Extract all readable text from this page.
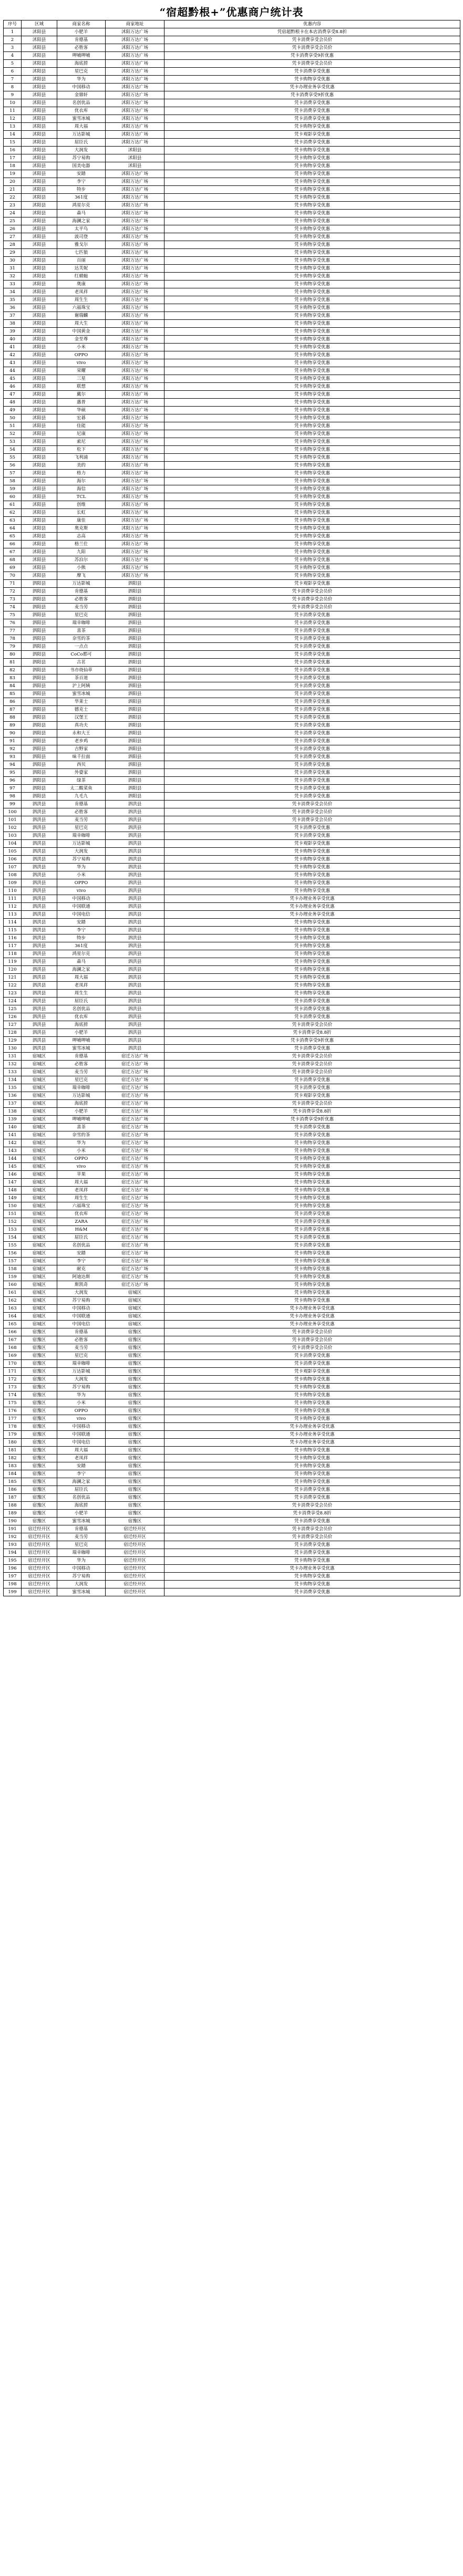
“宿超黔根+”优惠商户统计表
序号	区域	商家名称	商家地址	优惠内容
1	沭阳县	小肥羊	沭阳万达广场	凭宿超黔根卡在本店消费享受8.8折
2	沭阳县	肯德基	沭阳万达广场	凭卡消费享受会员价
3	沭阳县	必胜客	沭阳万达广场	凭卡消费享受会员价
4	沭阳县	呷哺呷哺	沭阳万达广场	凭卡消费享受9折优惠
5	沭阳县	海底捞	沭阳万达广场	凭卡消费享受会员价
6	沭阳县	星巴克	沭阳万达广场	凭卡消费享受优惠
7	沭阳县	华为	沭阳万达广场	凭卡购物享受优惠
8	沭阳县	中国移动	沭阳万达广场	凭卡办理业务享受优惠
9	沭阳县	金鼎轩	沭阳万达广场	凭卡消费享受9折优惠
10	沭阳县	名创优品	沭阳万达广场	凭卡消费享受优惠
11	沭阳县	优衣库	沭阳万达广场	凭卡消费享受优惠
12	沭阳县	蜜雪冰城	沭阳万达广场	凭卡消费享受优惠
13	沭阳县	周大福	沭阳万达广场	凭卡购物享受优惠
14	沭阳县	万达影城	沭阳万达广场	凭卡观影享受优惠
15	沭阳县	屈臣氏	沭阳万达广场	凭卡消费享受优惠
16	沭阳县	大润发	沭阳县	凭卡购物享受优惠
17	沭阳县	苏宁易购	沭阳县	凭卡购物享受优惠
18	沭阳县	国美电器	沭阳县	凭卡购物享受优惠
19	沭阳县	安踏	沭阳万达广场	凭卡购物享受优惠
20	沭阳县	李宁	沭阳万达广场	凭卡购物享受优惠
21	沭阳县	特步	沭阳万达广场	凭卡购物享受优惠
22	沭阳县	361度	沭阳万达广场	凭卡购物享受优惠
23	沭阳县	鸿星尔克	沭阳万达广场	凭卡购物享受优惠
24	沭阳县	森马	沭阳万达广场	凭卡购物享受优惠
25	沭阳县	海澜之家	沭阳万达广场	凭卡购物享受优惠
26	沭阳县	太平鸟	沭阳万达广场	凭卡购物享受优惠
27	沭阳县	波司登	沭阳万达广场	凭卡购物享受优惠
28	沭阳县	雅戈尔	沭阳万达广场	凭卡购物享受优惠
29	沭阳县	七匹狼	沭阳万达广场	凭卡购物享受优惠
30	沭阳县	百丽	沭阳万达广场	凭卡购物享受优惠
31	沭阳县	达芙妮	沭阳万达广场	凭卡购物享受优惠
32	沭阳县	红蜻蜓	沭阳万达广场	凭卡购物享受优惠
33	沭阳县	奥康	沭阳万达广场	凭卡购物享受优惠
34	沭阳县	老凤祥	沭阳万达广场	凭卡购物享受优惠
35	沭阳县	周生生	沭阳万达广场	凭卡购物享受优惠
36	沭阳县	六福珠宝	沭阳万达广场	凭卡购物享受优惠
37	沭阳县	谢瑞麟	沭阳万达广场	凭卡购物享受优惠
38	沭阳县	周大生	沭阳万达广场	凭卡购物享受优惠
39	沭阳县	中国黄金	沭阳万达广场	凭卡购物享受优惠
40	沭阳县	金至尊	沭阳万达广场	凭卡购物享受优惠
41	沭阳县	小米	沭阳万达广场	凭卡购物享受优惠
42	沭阳县	OPPO	沭阳万达广场	凭卡购物享受优惠
43	沭阳县	vivo	沭阳万达广场	凭卡购物享受优惠
44	沭阳县	荣耀	沭阳万达广场	凭卡购物享受优惠
45	沭阳县	三星	沭阳万达广场	凭卡购物享受优惠
46	沭阳县	联想	沭阳万达广场	凭卡购物享受优惠
47	沭阳县	戴尔	沭阳万达广场	凭卡购物享受优惠
48	沭阳县	惠普	沭阳万达广场	凭卡购物享受优惠
49	沭阳县	华硕	沭阳万达广场	凭卡购物享受优惠
50	沭阳县	宏碁	沭阳万达广场	凭卡购物享受优惠
51	沭阳县	佳能	沭阳万达广场	凭卡购物享受优惠
52	沭阳县	尼康	沭阳万达广场	凭卡购物享受优惠
53	沭阳县	索尼	沭阳万达广场	凭卡购物享受优惠
54	沭阳县	松下	沭阳万达广场	凭卡购物享受优惠
55	沭阳县	飞利浦	沭阳万达广场	凭卡购物享受优惠
56	沭阳县	美的	沭阳万达广场	凭卡购物享受优惠
57	沭阳县	格力	沭阳万达广场	凭卡购物享受优惠
58	沭阳县	海尔	沭阳万达广场	凭卡购物享受优惠
59	沭阳县	海信	沭阳万达广场	凭卡购物享受优惠
60	沭阳县	TCL	沭阳万达广场	凭卡购物享受优惠
61	沭阳县	创维	沭阳万达广场	凭卡购物享受优惠
62	沭阳县	长虹	沭阳万达广场	凭卡购物享受优惠
63	沭阳县	康佳	沭阳万达广场	凭卡购物享受优惠
64	沭阳县	奥克斯	沭阳万达广场	凭卡购物享受优惠
65	沭阳县	志高	沭阳万达广场	凭卡购物享受优惠
66	沭阳县	格兰仕	沭阳万达广场	凭卡购物享受优惠
67	沭阳县	九阳	沭阳万达广场	凭卡购物享受优惠
68	沭阳县	苏泊尔	沭阳万达广场	凭卡购物享受优惠
69	沭阳县	小熊	沭阳万达广场	凭卡购物享受优惠
70	沭阳县	摩飞	沭阳万达广场	凭卡购物享受优惠
71	泗阳县	万达影城	泗阳县	凭卡观影享受优惠
72	泗阳县	肯德基	泗阳县	凭卡消费享受会员价
73	泗阳县	必胜客	泗阳县	凭卡消费享受会员价
74	泗阳县	麦当劳	泗阳县	凭卡消费享受会员价
75	泗阳县	星巴克	泗阳县	凭卡消费享受优惠
76	泗阳县	瑞幸咖啡	泗阳县	凭卡消费享受优惠
77	泗阳县	喜茶	泗阳县	凭卡消费享受优惠
78	泗阳县	奈雪的茶	泗阳县	凭卡消费享受优惠
79	泗阳县	一点点	泗阳县	凭卡消费享受优惠
80	泗阳县	CoCo都可	泗阳县	凭卡消费享受优惠
81	泗阳县	古茗	泗阳县	凭卡消费享受优惠
82	泗阳县	书亦烧仙草	泗阳县	凭卡消费享受优惠
83	泗阳县	茶百道	泗阳县	凭卡消费享受优惠
84	泗阳县	沪上阿姨	泗阳县	凭卡消费享受优惠
85	泗阳县	蜜雪冰城	泗阳县	凭卡消费享受优惠
86	泗阳县	华莱士	泗阳县	凭卡消费享受优惠
87	泗阳县	德克士	泗阳县	凭卡消费享受优惠
88	泗阳县	汉堡王	泗阳县	凭卡消费享受优惠
89	泗阳县	真功夫	泗阳县	凭卡消费享受优惠
90	泗阳县	永和大王	泗阳县	凭卡消费享受优惠
91	泗阳县	老乡鸡	泗阳县	凭卡消费享受优惠
92	泗阳县	吉野家	泗阳县	凭卡消费享受优惠
93	泗阳县	味千拉面	泗阳县	凭卡消费享受优惠
94	泗阳县	西贝	泗阳县	凭卡消费享受优惠
95	泗阳县	外婆家	泗阳县	凭卡消费享受优惠
96	泗阳县	绿茶	泗阳县	凭卡消费享受优惠
97	泗阳县	太二酸菜鱼	泗阳县	凭卡消费享受优惠
98	泗阳县	九毛九	泗阳县	凭卡消费享受优惠
99	泗洪县	肯德基	泗洪县	凭卡消费享受会员价
100	泗洪县	必胜客	泗洪县	凭卡消费享受会员价
101	泗洪县	麦当劳	泗洪县	凭卡消费享受会员价
102	泗洪县	星巴克	泗洪县	凭卡消费享受优惠
103	泗洪县	瑞幸咖啡	泗洪县	凭卡消费享受优惠
104	泗洪县	万达影城	泗洪县	凭卡观影享受优惠
105	泗洪县	大润发	泗洪县	凭卡购物享受优惠
106	泗洪县	苏宁易购	泗洪县	凭卡购物享受优惠
107	泗洪县	华为	泗洪县	凭卡购物享受优惠
108	泗洪县	小米	泗洪县	凭卡购物享受优惠
109	泗洪县	OPPO	泗洪县	凭卡购物享受优惠
110	泗洪县	vivo	泗洪县	凭卡购物享受优惠
111	泗洪县	中国移动	泗洪县	凭卡办理业务享受优惠
112	泗洪县	中国联通	泗洪县	凭卡办理业务享受优惠
113	泗洪县	中国电信	泗洪县	凭卡办理业务享受优惠
114	泗洪县	安踏	泗洪县	凭卡购物享受优惠
115	泗洪县	李宁	泗洪县	凭卡购物享受优惠
116	泗洪县	特步	泗洪县	凭卡购物享受优惠
117	泗洪县	361度	泗洪县	凭卡购物享受优惠
118	泗洪县	鸿星尔克	泗洪县	凭卡购物享受优惠
119	泗洪县	森马	泗洪县	凭卡购物享受优惠
120	泗洪县	海澜之家	泗洪县	凭卡购物享受优惠
121	泗洪县	周大福	泗洪县	凭卡购物享受优惠
122	泗洪县	老凤祥	泗洪县	凭卡购物享受优惠
123	泗洪县	周生生	泗洪县	凭卡购物享受优惠
124	泗洪县	屈臣氏	泗洪县	凭卡消费享受优惠
125	泗洪县	名创优品	泗洪县	凭卡消费享受优惠
126	泗洪县	优衣库	泗洪县	凭卡消费享受优惠
127	泗洪县	海底捞	泗洪县	凭卡消费享受会员价
128	泗洪县	小肥羊	泗洪县	凭卡消费享受8.8折
129	泗洪县	呷哺呷哺	泗洪县	凭卡消费享受9折优惠
130	泗洪县	蜜雪冰城	泗洪县	凭卡消费享受优惠
131	宿城区	肯德基	宿迁万达广场	凭卡消费享受会员价
132	宿城区	必胜客	宿迁万达广场	凭卡消费享受会员价
133	宿城区	麦当劳	宿迁万达广场	凭卡消费享受会员价
134	宿城区	星巴克	宿迁万达广场	凭卡消费享受优惠
135	宿城区	瑞幸咖啡	宿迁万达广场	凭卡消费享受优惠
136	宿城区	万达影城	宿迁万达广场	凭卡观影享受优惠
137	宿城区	海底捞	宿迁万达广场	凭卡消费享受会员价
138	宿城区	小肥羊	宿迁万达广场	凭卡消费享受8.8折
139	宿城区	呷哺呷哺	宿迁万达广场	凭卡消费享受9折优惠
140	宿城区	喜茶	宿迁万达广场	凭卡消费享受优惠
141	宿城区	奈雪的茶	宿迁万达广场	凭卡消费享受优惠
142	宿城区	华为	宿迁万达广场	凭卡购物享受优惠
143	宿城区	小米	宿迁万达广场	凭卡购物享受优惠
144	宿城区	OPPO	宿迁万达广场	凭卡购物享受优惠
145	宿城区	vivo	宿迁万达广场	凭卡购物享受优惠
146	宿城区	苹果	宿迁万达广场	凭卡购物享受优惠
147	宿城区	周大福	宿迁万达广场	凭卡购物享受优惠
148	宿城区	老凤祥	宿迁万达广场	凭卡购物享受优惠
149	宿城区	周生生	宿迁万达广场	凭卡购物享受优惠
150	宿城区	六福珠宝	宿迁万达广场	凭卡购物享受优惠
151	宿城区	优衣库	宿迁万达广场	凭卡消费享受优惠
152	宿城区	ZARA	宿迁万达广场	凭卡消费享受优惠
153	宿城区	H&M	宿迁万达广场	凭卡消费享受优惠
154	宿城区	屈臣氏	宿迁万达广场	凭卡消费享受优惠
155	宿城区	名创优品	宿迁万达广场	凭卡消费享受优惠
156	宿城区	安踏	宿迁万达广场	凭卡购物享受优惠
157	宿城区	李宁	宿迁万达广场	凭卡购物享受优惠
158	宿城区	耐克	宿迁万达广场	凭卡购物享受优惠
159	宿城区	阿迪达斯	宿迁万达广场	凭卡购物享受优惠
160	宿城区	斯凯奇	宿迁万达广场	凭卡购物享受优惠
161	宿城区	大润发	宿城区	凭卡购物享受优惠
162	宿城区	苏宁易购	宿城区	凭卡购物享受优惠
163	宿城区	中国移动	宿城区	凭卡办理业务享受优惠
164	宿城区	中国联通	宿城区	凭卡办理业务享受优惠
165	宿城区	中国电信	宿城区	凭卡办理业务享受优惠
166	宿豫区	肯德基	宿豫区	凭卡消费享受会员价
167	宿豫区	必胜客	宿豫区	凭卡消费享受会员价
168	宿豫区	麦当劳	宿豫区	凭卡消费享受会员价
169	宿豫区	星巴克	宿豫区	凭卡消费享受优惠
170	宿豫区	瑞幸咖啡	宿豫区	凭卡消费享受优惠
171	宿豫区	万达影城	宿豫区	凭卡观影享受优惠
172	宿豫区	大润发	宿豫区	凭卡购物享受优惠
173	宿豫区	苏宁易购	宿豫区	凭卡购物享受优惠
174	宿豫区	华为	宿豫区	凭卡购物享受优惠
175	宿豫区	小米	宿豫区	凭卡购物享受优惠
176	宿豫区	OPPO	宿豫区	凭卡购物享受优惠
177	宿豫区	vivo	宿豫区	凭卡购物享受优惠
178	宿豫区	中国移动	宿豫区	凭卡办理业务享受优惠
179	宿豫区	中国联通	宿豫区	凭卡办理业务享受优惠
180	宿豫区	中国电信	宿豫区	凭卡办理业务享受优惠
181	宿豫区	周大福	宿豫区	凭卡购物享受优惠
182	宿豫区	老凤祥	宿豫区	凭卡购物享受优惠
183	宿豫区	安踏	宿豫区	凭卡购物享受优惠
184	宿豫区	李宁	宿豫区	凭卡购物享受优惠
185	宿豫区	海澜之家	宿豫区	凭卡购物享受优惠
186	宿豫区	屈臣氏	宿豫区	凭卡消费享受优惠
187	宿豫区	名创优品	宿豫区	凭卡消费享受优惠
188	宿豫区	海底捞	宿豫区	凭卡消费享受会员价
189	宿豫区	小肥羊	宿豫区	凭卡消费享受8.8折
190	宿豫区	蜜雪冰城	宿豫区	凭卡消费享受优惠
191	宿迁经开区	肯德基	宿迁经开区	凭卡消费享受会员价
192	宿迁经开区	麦当劳	宿迁经开区	凭卡消费享受会员价
193	宿迁经开区	星巴克	宿迁经开区	凭卡消费享受优惠
194	宿迁经开区	瑞幸咖啡	宿迁经开区	凭卡消费享受优惠
195	宿迁经开区	华为	宿迁经开区	凭卡购物享受优惠
196	宿迁经开区	中国移动	宿迁经开区	凭卡办理业务享受优惠
197	宿迁经开区	苏宁易购	宿迁经开区	凭卡购物享受优惠
198	宿迁经开区	大润发	宿迁经开区	凭卡购物享受优惠
199	宿迁经开区	蜜雪冰城	宿迁经开区	凭卡消费享受优惠
